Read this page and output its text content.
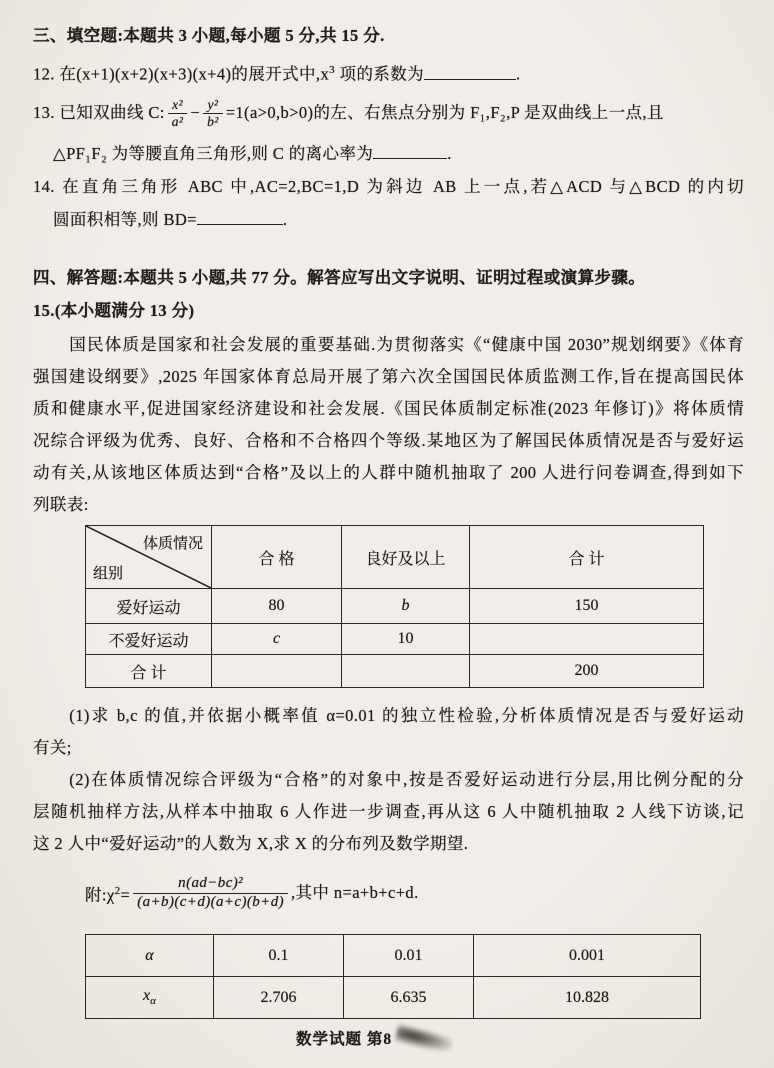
三、填空题:本题共 3 小题,每小题 5 分,共 15 分.
12. 在(x+1)(x+2)(x+3)(x+4)的展开式中$,x^3$ 项的系数为	.
13. 已知双曲线 C: $\frac{\text{x²}}{\text{a²}} - \frac{\text{y²}}{\text{b²}} =1(a>0,b>0)$的左、右焦点分别为 F₁,F₂,P 是双曲线上一点,且
△PF₁F₂ 为等腰直角三角形,则 C 的离心率为	.
14. 在直角三角形 ABC 中,AC=2,BC=1,D 为斜边 AB 上一点,若△ACD 与△BCD 的内切
圆面积相等,则 BD=	.
四、解答题:本题共 5 小题,共 77 分。解答应写出文字说明、证明过程或演算步骤。
15.(本小题满分 13 分)
国民体质是国家和社会发展的重要基础.为贯彻落实《“健康中国 2030”规划纲要》《体育
强国建设纲要》,2025 年国家体育总局开展了第六次全国国民体质监测工作,旨在提高国民体
质和健康水平,促进国家经济建设和社会发展.《国民体质制定标准(2023 年修订)》将体质情
况综合评级为优秀、良好、合格和不合格四个等级.某地区为了解国民体质情况是否与爱好运
动有关,从该地区体质达到“合格”及以上的人群中随机抽取了 200 人进行问卷调查,得到如下
列联表:
体质情况
组别	合 格	良好及以上	合 计
爱好运动	80	b	150
不爱好运动	c	10	
合 计			200
(1)求 b,c 的值,并依据小概率值 α=0.01 的独立性检验,分析体质情况是否与爱好运动
有关;
(2)在体质情况综合评级为“合格”的对象中,按是否爱好运动进行分层,用比例分配的分
层随机抽样方法,从样本中抽取 6 人作进一步调查,再从这 6 人中随机抽取 2 人线下访谈,记
这 2 人中“爱好运动”的人数为 X,求 X 的分布列及数学期望.
附$:\chi^2= \frac{\text{n(ad−bc)²}}{(a+b)(c+d)(a+c)(b+d)}$ ,其中 n=a+b+c+d.
α	0.1	0.01	0.001
$x_\alpha$	2.706	6.635	10.828
数学试题 第8
